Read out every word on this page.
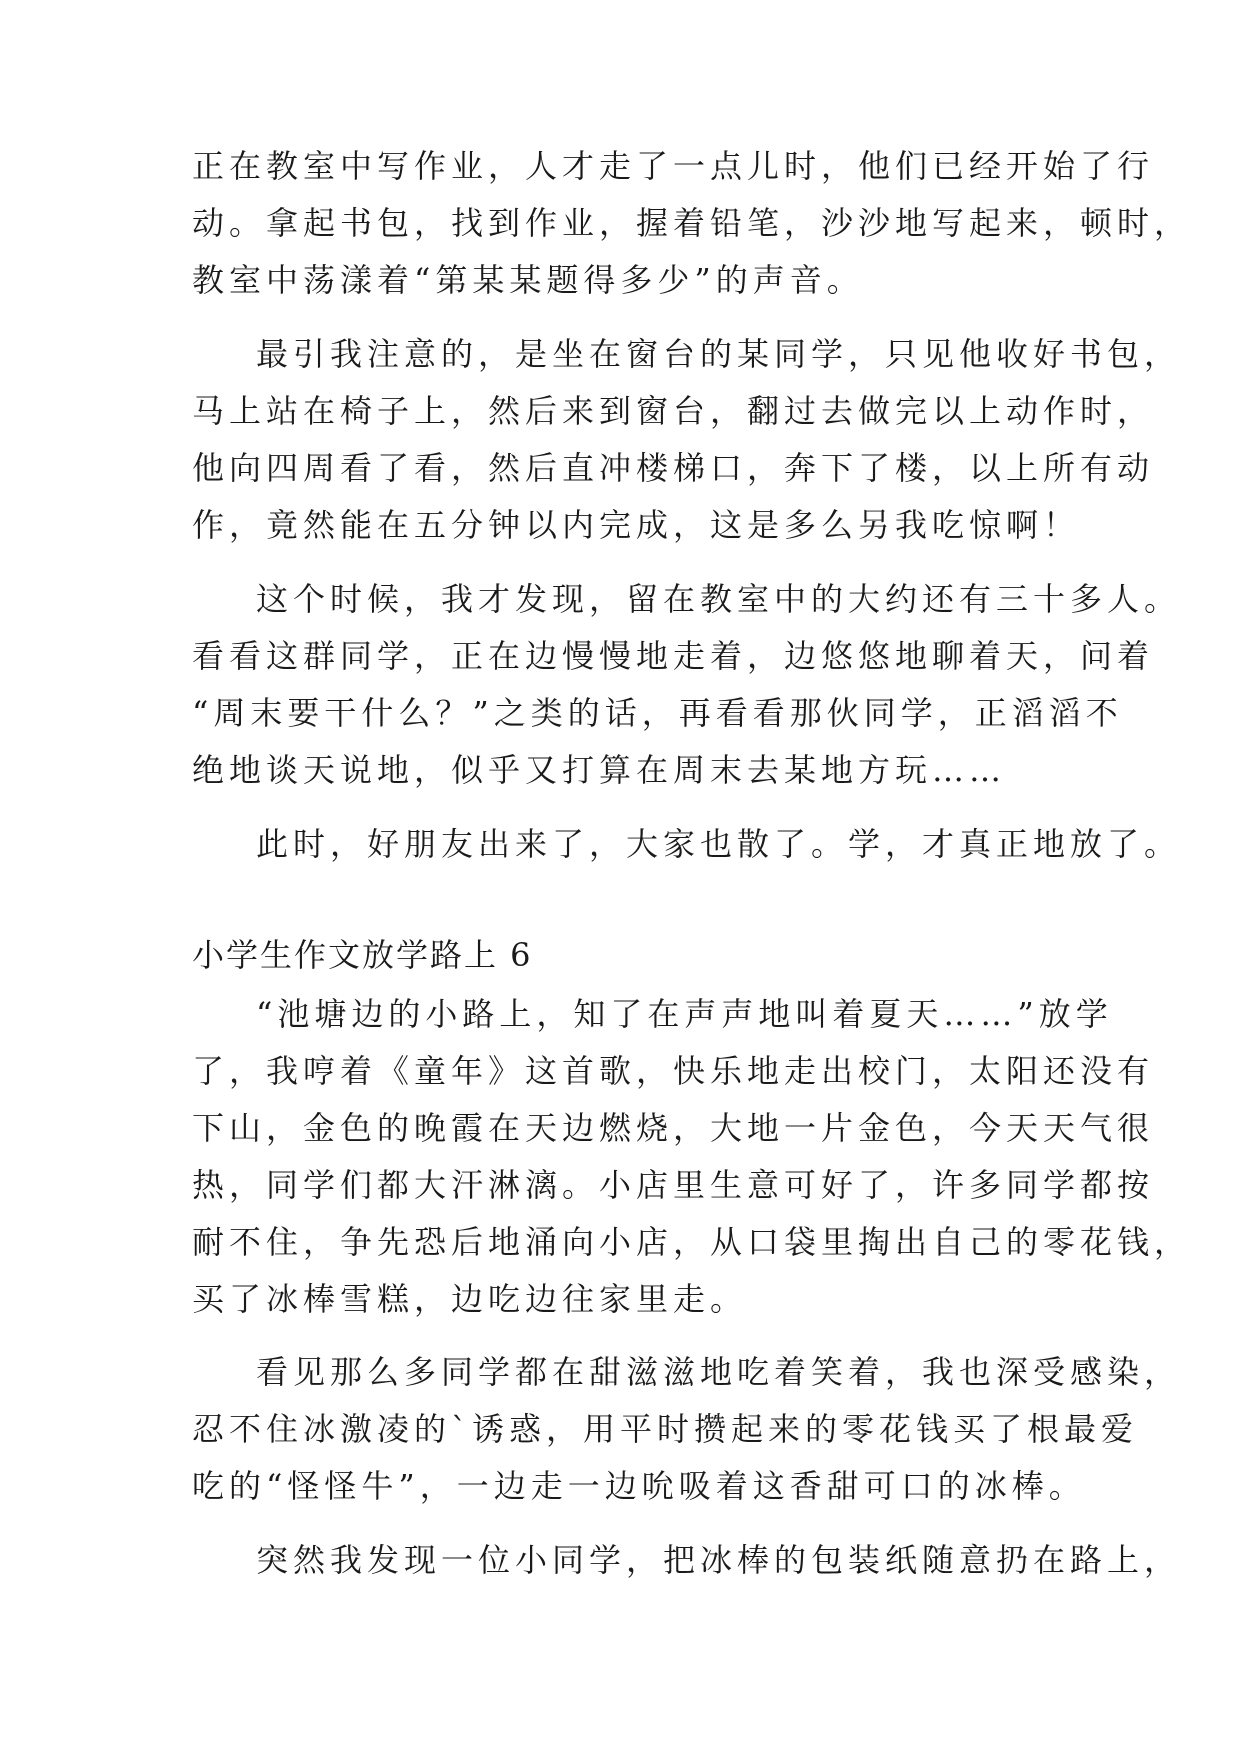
正在教室中写作业，人才走了一点儿时，他们已经开始了行
动。拿起书包，找到作业，握着铅笔，沙沙地写起来，顿时，
教室中荡漾着“第某某题得多少”的声音。
最引我注意的，是坐在窗台的某同学，只见他收好书包，
马上站在椅子上，然后来到窗台，翻过去做完以上动作时，
他向四周看了看，然后直冲楼梯口，奔下了楼，以上所有动
作，竟然能在五分钟以内完成，这是多么另我吃惊啊！
这个时候，我才发现，留在教室中的大约还有三十多人。
看看这群同学，正在边慢慢地走着，边悠悠地聊着天，问着
“周末要干什么？”之类的话，再看看那伙同学，正滔滔不
绝地谈天说地，似乎又打算在周末去某地方玩……
此时，好朋友出来了，大家也散了。学，才真正地放了。
小学生作文放学路上 6
“池塘边的小路上，知了在声声地叫着夏天……”放学
了，我哼着《童年》这首歌，快乐地走出校门，太阳还没有
下山，金色的晚霞在天边燃烧，大地一片金色，今天天气很
热，同学们都大汗淋漓。小店里生意可好了，许多同学都按
耐不住，争先恐后地涌向小店，从口袋里掏出自己的零花钱，
买了冰棒雪糕，边吃边往家里走。
看见那么多同学都在甜滋滋地吃着笑着，我也深受感染，
忍不住冰激凌的`诱惑，用平时攒起来的零花钱买了根最爱
吃的“怪怪牛”，一边走一边吮吸着这香甜可口的冰棒。
突然我发现一位小同学，把冰棒的包装纸随意扔在路上，
